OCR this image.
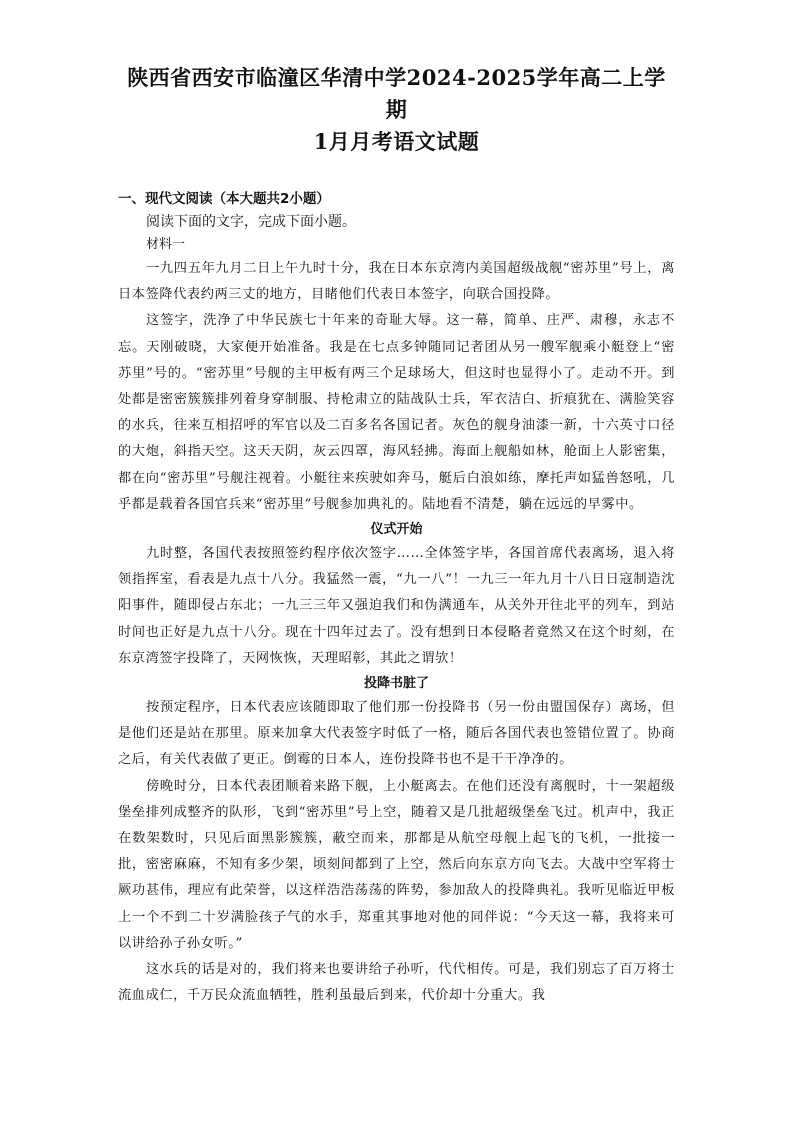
陕西省西安市临潼区华清中学2024-2025学年高二上学期
1月月考语文试题
一、现代文阅读（本大题共2小题）

阅读下面的文字，完成下面小题。

材料一

一九四五年九月二日上午九时十分，我在日本东京湾内美国超级战舰“密苏里”号上，离日本签降代表约两三丈的地方，目睹他们代表日本签字，向联合国投降。

这签字，洗净了中华民族七十年来的奇耻大辱。这一幕，简单、庄严、肃穆，永志不忘。天刚破晓，大家便开始准备。我是在七点多钟随同记者团从另一艘军舰乘小艇登上“密苏里”号的。“密苏里”号舰的主甲板有两三个足球场大，但这时也显得小了。走动不开。到处都是密密簇簇排列着身穿制服、持枪肃立的陆战队士兵，军衣洁白、折痕犹在、满脸笑容的水兵，往来互相招呼的军官以及二百多名各国记者。灰色的舰身油漆一新，十六英寸口径的大炮，斜指天空。这天天阴，灰云四罩，海风轻拂。海面上舰船如林，舱面上人影密集，都在向“密苏里”号舰注视着。小艇往来疾驶如奔马，艇后白浪如练，摩托声如猛兽怒吼，几乎都是载着各国官兵来“密苏里”号舰参加典礼的。陆地看不清楚，躺在远远的早雾中。

仪式开始

九时整，各国代表按照签约程序依次签字……全体签字毕，各国首席代表离场，退入将领指挥室，看表是九点十八分。我猛然一震，“九一八”！一九三一年九月十八日日寇制造沈阳事件，随即侵占东北；一九三三年又强迫我们和伪满通车，从关外开往北平的列车，到站时间也正好是九点十八分。现在十四年过去了。没有想到日本侵略者竟然又在这个时刻，在东京湾签字投降了，天网恢恢，天理昭彰，其此之谓欤！

投降书脏了

按预定程序，日本代表应该随即取了他们那一份投降书（另一份由盟国保存）离场，但是他们还是站在那里。原来加拿大代表签字时低了一格，随后各国代表也签错位置了。协商之后，有关代表做了更正。倒霉的日本人，连份投降书也不是干干净净的。

傍晚时分，日本代表团顺着来路下舰，上小艇离去。在他们还没有离舰时，十一架超级堡垒排列成整齐的队形，飞到“密苏里”号上空，随着又是几批超级堡垒飞过。机声中，我正在数架数时，只见后面黑影簇簇，蔽空而来，那都是从航空母舰上起飞的飞机，一批接一批，密密麻麻，不知有多少架，顷刻间都到了上空，然后向东京方向飞去。大战中空军将士厥功甚伟，理应有此荣誉，以这样浩浩荡荡的阵势，参加敌人的投降典礼。我听见临近甲板上一个不到二十岁满脸孩子气的水手，郑重其事地对他的同伴说：“今天这一幕，我将来可以讲给孙子孙女听。”

这水兵的话是对的，我们将来也要讲给子孙听，代代相传。可是，我们别忘了百万将士流血成仁，千万民众流血牺牲，胜利虽最后到来，代价却十分重大。我
